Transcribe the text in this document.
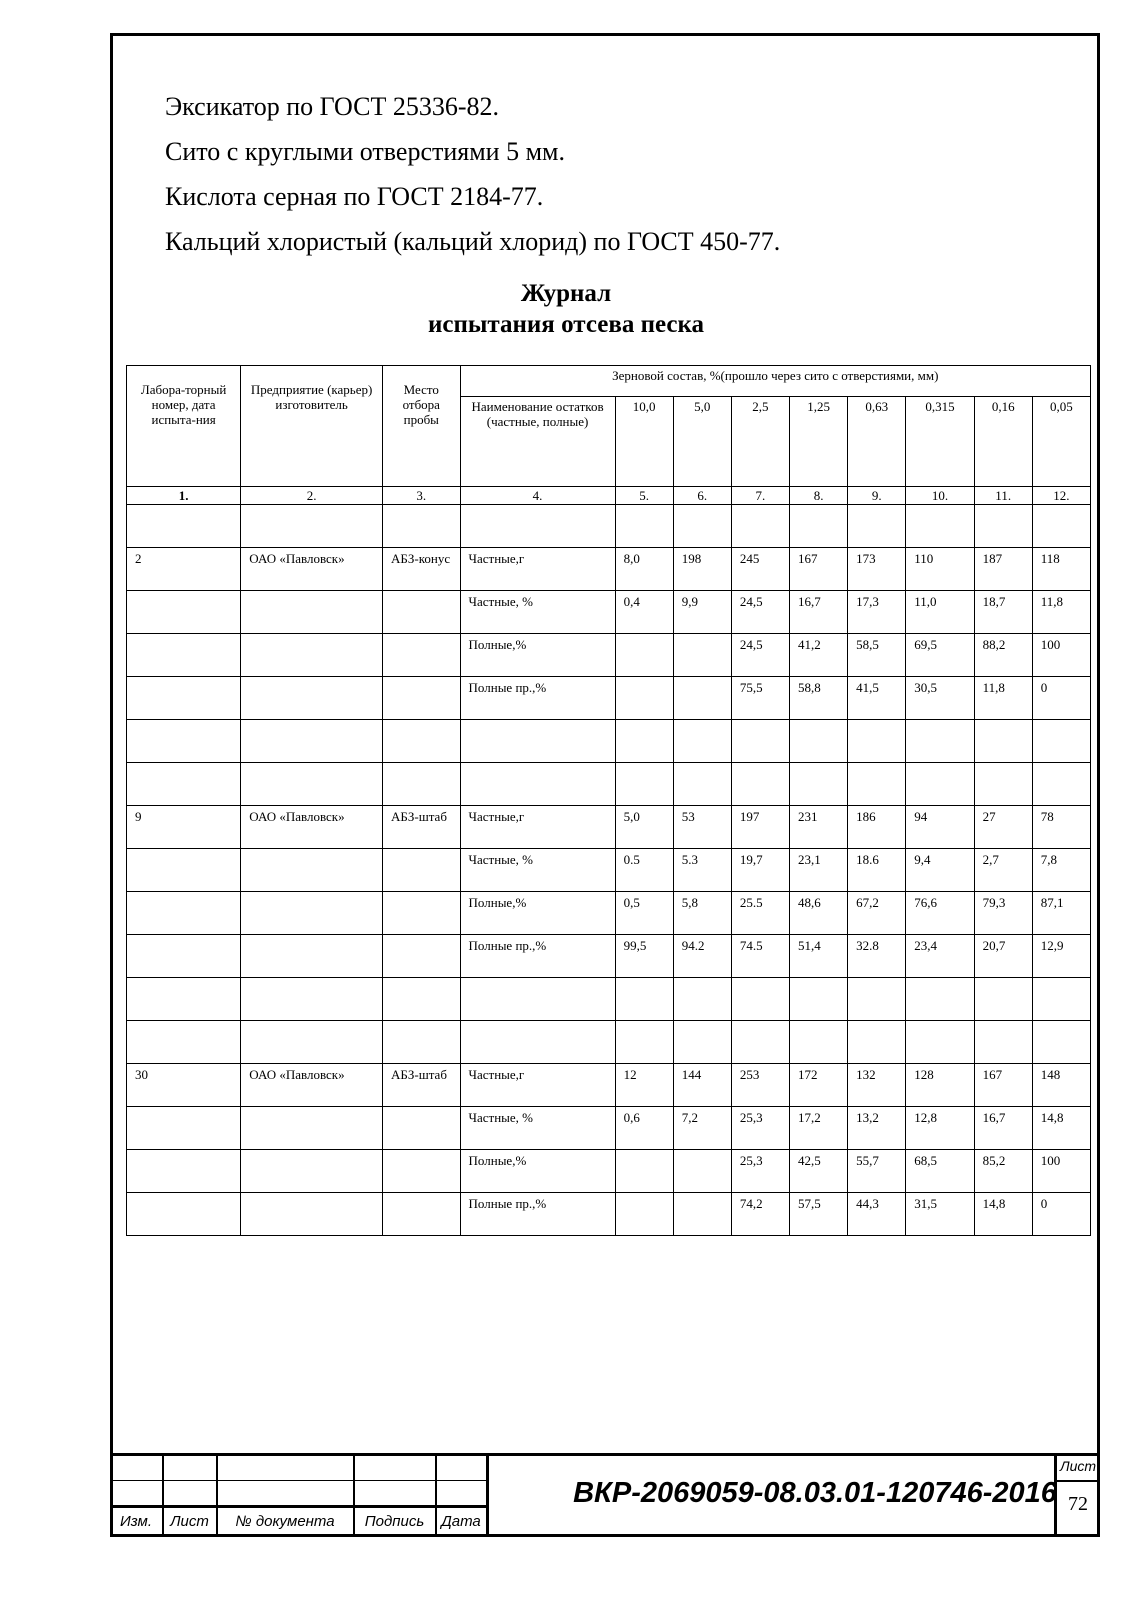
Эксикатор по ГОСТ 25336-82.

Сито с круглыми отверстиями 5 мм.

Кислота серная по ГОСТ 2184-77.

Кальций хлористый (кальций хлорид) по ГОСТ 450-77.

Журнал

испытания отсева песка

Лабора-торный номер, дата испыта-ния	Предприятие (карьер) изготовитель	Место отбора пробы	Зерновой состав, %(прошло через сито с отверстиями, мм)								
			Наименование остатков (частные, полные)	10,0	5,0	2,5	1,25	0,63	0,315	0,16	0,05
1.	2.	3.	4.	5.	6.	7.	8.	9.	10.	11.	12.

2	ОАО «Павловск»	АБЗ-конус	Частные,г	8,0	198	245	167	173	110	187	118
			Частные, %	0,4	9,9	24,5	16,7	17,3	11,0	18,7	11,8
			Полные,%			24,5	41,2	58,5	69,5	88,2	100
			Полные пр.,%			75,5	58,8	41,5	30,5	11,8	0

9	ОАО «Павловск»	АБЗ-штаб	Частные,г	5,0	53	197	231	186	94	27	78
			Частные, %	0.5	5.3	19,7	23,1	18.6	9,4	2,7	7,8
			Полные,%	0,5	5,8	25.5	48,6	67,2	76,6	79,3	87,1
			Полные пр.,%	99,5	94.2	74.5	51,4	32.8	23,4	20,7	12,9

30	ОАО «Павловск»	АБЗ-штаб	Частные,г	12	144	253	172	132	128	167	148
			Частные, %	0,6	7,2	25,3	17,2	13,2	12,8	16,7	14,8
			Полные,%			25,3	42,5	55,7	68,5	85,2	100
			Полные пр.,%			74,2	57,5	44,3	31,5	14,8	0
Изм.	Лист	№ документа	Подпись	Дата
ВКР-2069059-08.03.01-120746-2016
Лист
72
